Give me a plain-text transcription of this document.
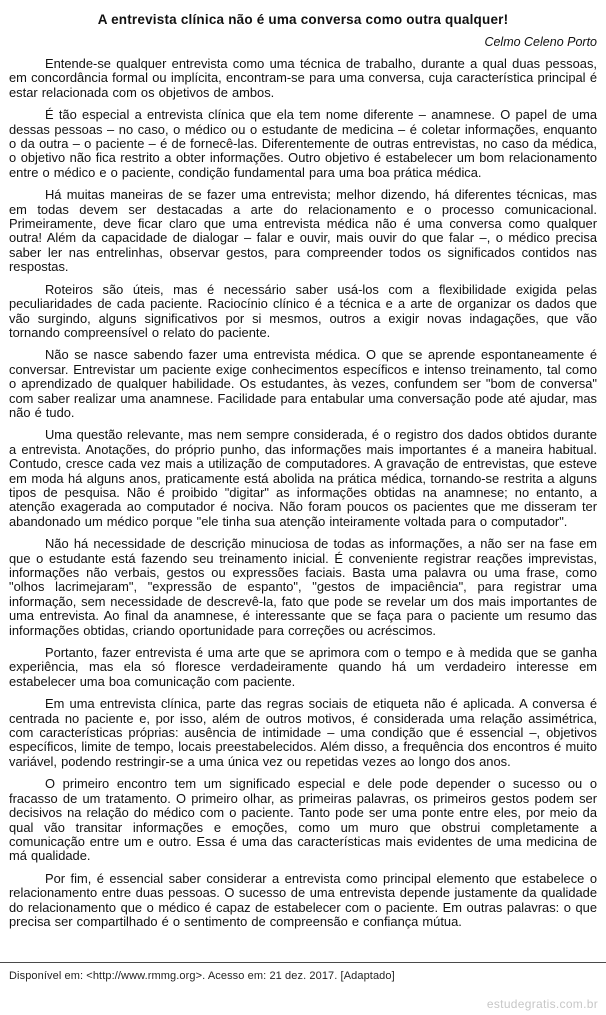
A entrevista clínica não é uma conversa como outra qualquer!
Celmo Celeno Porto

Entende-se qualquer entrevista como uma técnica de trabalho, durante a qual duas pessoas, em concordância formal ou implícita, encontram-se para uma conversa, cuja característica principal é estar relacionada com os objetivos de ambos.

É tão especial a entrevista clínica que ela tem nome diferente – anamnese. O papel de uma dessas pessoas – no caso, o médico ou o estudante de medicina – é coletar informações, enquanto o da outra – o paciente – é de fornecê-las. Diferentemente de outras entrevistas, no caso da médica, o objetivo não fica restrito a obter informações. Outro objetivo é estabelecer um bom relacionamento entre o médico e o paciente, condição fundamental para uma boa prática médica.

Há muitas maneiras de se fazer uma entrevista; melhor dizendo, há diferentes técnicas, mas em todas devem ser destacadas a arte do relacionamento e o processo comunicacional. Primeiramente, deve ficar claro que uma entrevista médica não é uma conversa como qualquer outra! Além da capacidade de dialogar – falar e ouvir, mais ouvir do que falar –, o médico precisa saber ler nas entrelinhas, observar gestos, para compreender todos os significados contidos nas respostas.

Roteiros são úteis, mas é necessário saber usá-los com a flexibilidade exigida pelas peculiaridades de cada paciente. Raciocínio clínico é a técnica e a arte de organizar os dados que vão surgindo, alguns significativos por si mesmos, outros a exigir novas indagações, que vão tornando compreensível o relato do paciente.

Não se nasce sabendo fazer uma entrevista médica. O que se aprende espontaneamente é conversar. Entrevistar um paciente exige conhecimentos específicos e intenso treinamento, tal como o aprendizado de qualquer habilidade. Os estudantes, às vezes, confundem ser "bom de conversa" com saber realizar uma anamnese. Facilidade para entabular uma conversação pode até ajudar, mas não é tudo.

Uma questão relevante, mas nem sempre considerada, é o registro dos dados obtidos durante a entrevista. Anotações, do próprio punho, das informações mais importantes é a maneira habitual. Contudo, cresce cada vez mais a utilização de computadores. A gravação de entrevistas, que esteve em moda há alguns anos, praticamente está abolida na prática médica, tornando-se restrita a alguns tipos de pesquisa. Não é proibido "digitar" as informações obtidas na anamnese; no entanto, a atenção exagerada ao computador é nociva. Não foram poucos os pacientes que me disseram ter abandonado um médico porque "ele tinha sua atenção inteiramente voltada para o computador".

Não há necessidade de descrição minuciosa de todas as informações, a não ser na fase em que o estudante está fazendo seu treinamento inicial. É conveniente registrar reações imprevistas, informações não verbais, gestos ou expressões faciais. Basta uma palavra ou uma frase, como "olhos lacrimejaram", "expressão de espanto", "gestos de impaciência", para registrar uma informação, sem necessidade de descrevê-la, fato que pode se revelar um dos mais importantes de uma entrevista. Ao final da anamnese, é interessante que se faça para o paciente um resumo das informações obtidas, criando oportunidade para correções ou acréscimos.

Portanto, fazer entrevista é uma arte que se aprimora com o tempo e à medida que se ganha experiência, mas ela só floresce verdadeiramente quando há um verdadeiro interesse em estabelecer uma boa comunicação com paciente.

Em uma entrevista clínica, parte das regras sociais de etiqueta não é aplicada. A conversa é centrada no paciente e, por isso, além de outros motivos, é considerada uma relação assimétrica, com características próprias: ausência de intimidade – uma condição que é essencial –, objetivos específicos, limite de tempo, locais preestabelecidos. Além disso, a frequência dos encontros é muito variável, podendo restringir-se a uma única vez ou repetidas vezes ao longo dos anos.

O primeiro encontro tem um significado especial e dele pode depender o sucesso ou o fracasso de um tratamento. O primeiro olhar, as primeiras palavras, os primeiros gestos podem ser decisivos na relação do médico com o paciente. Tanto pode ser uma ponte entre eles, por meio da qual vão transitar informações e emoções, como um muro que obstrui completamente a comunicação entre um e outro. Essa é uma das características mais evidentes de uma medicina de má qualidade.

Por fim, é essencial saber considerar a entrevista como principal elemento que estabelece o relacionamento entre duas pessoas. O sucesso de uma entrevista depende justamente da qualidade do relacionamento que o médico é capaz de estabelecer com o paciente. Em outras palavras: o que precisa ser compartilhado é o sentimento de compreensão e confiança mútua.

Disponível em: <http://www.rmmg.org>. Acesso em: 21 dez. 2017. [Adaptado]
estudegratis.com.br
